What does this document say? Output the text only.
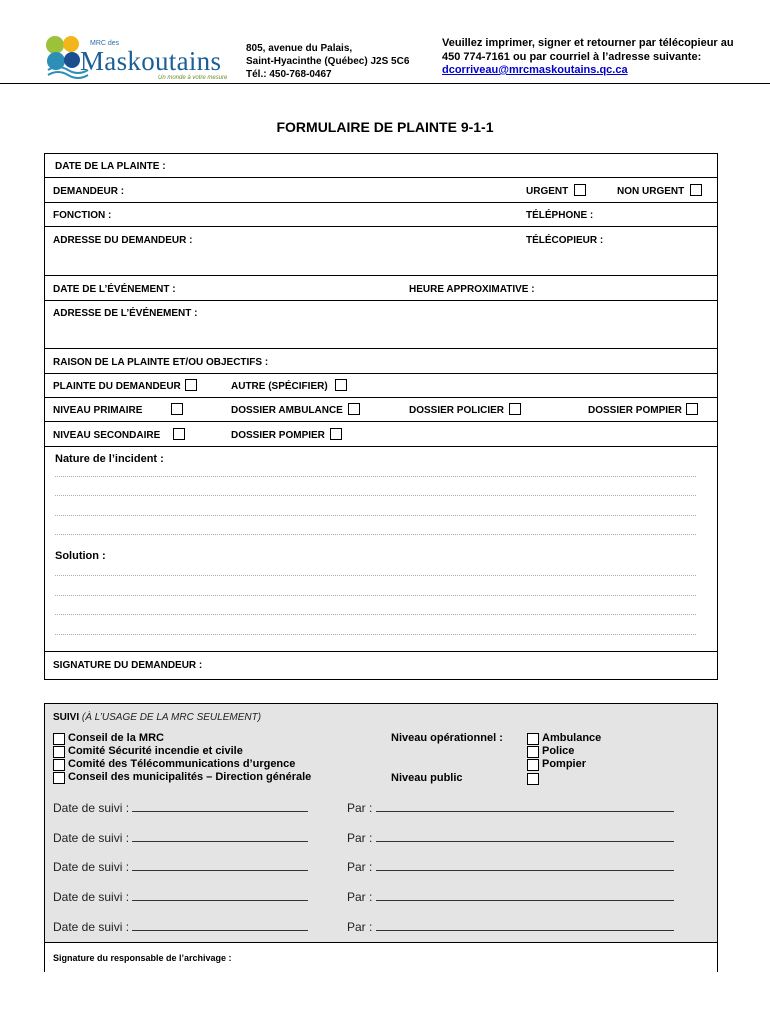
MRC des
Maskoutains
Un monde à votre mesure
805, avenue du Palais,
Saint-Hyacinthe (Québec) J2S 5C6
Tél.: 450-768-0467
Veuillez imprimer, signer et retourner par télécopieur au
450 774-7161 ou par courriel à l’adresse suivante:
dcorriveau@mrcmaskoutains.qc.ca
FORMULAIRE DE PLAINTE 9-1-1
DATE DE LA PLAINTE :
DEMANDEUR :	URGENT	NON URGENT
FONCTION :	TÉLÉPHONE :
ADRESSE DU DEMANDEUR :	TÉLÉCOPIEUR :
DATE DE L’ÉVÉNEMENT :	HEURE APPROXIMATIVE :
ADRESSE DE L’ÉVÉNEMENT :
RAISON DE LA PLAINTE ET/OU OBJECTIFS :
PLAINTE DU DEMANDEUR	AUTRE (SPÉCIFIER)
NIVEAU PRIMAIRE	DOSSIER AMBULANCE	DOSSIER POLICIER	DOSSIER POMPIER
NIVEAU SECONDAIRE	DOSSIER POMPIER
Nature de l’incident :
Solution :
SIGNATURE DU DEMANDEUR :
SUIVI (À L’USAGE DE LA MRC SEULEMENT)
Conseil de la MRC
Comité Sécurité incendie et civile
Comité des Télécommunications d’urgence
Conseil des municipalités – Direction générale
Niveau opérationnel :
Niveau public
Ambulance
Police
Pompier
Date de suivi :	Par :
Date de suivi :	Par :
Date de suivi :	Par :
Date de suivi :	Par :
Date de suivi :	Par :
Signature du responsable de l’archivage :
